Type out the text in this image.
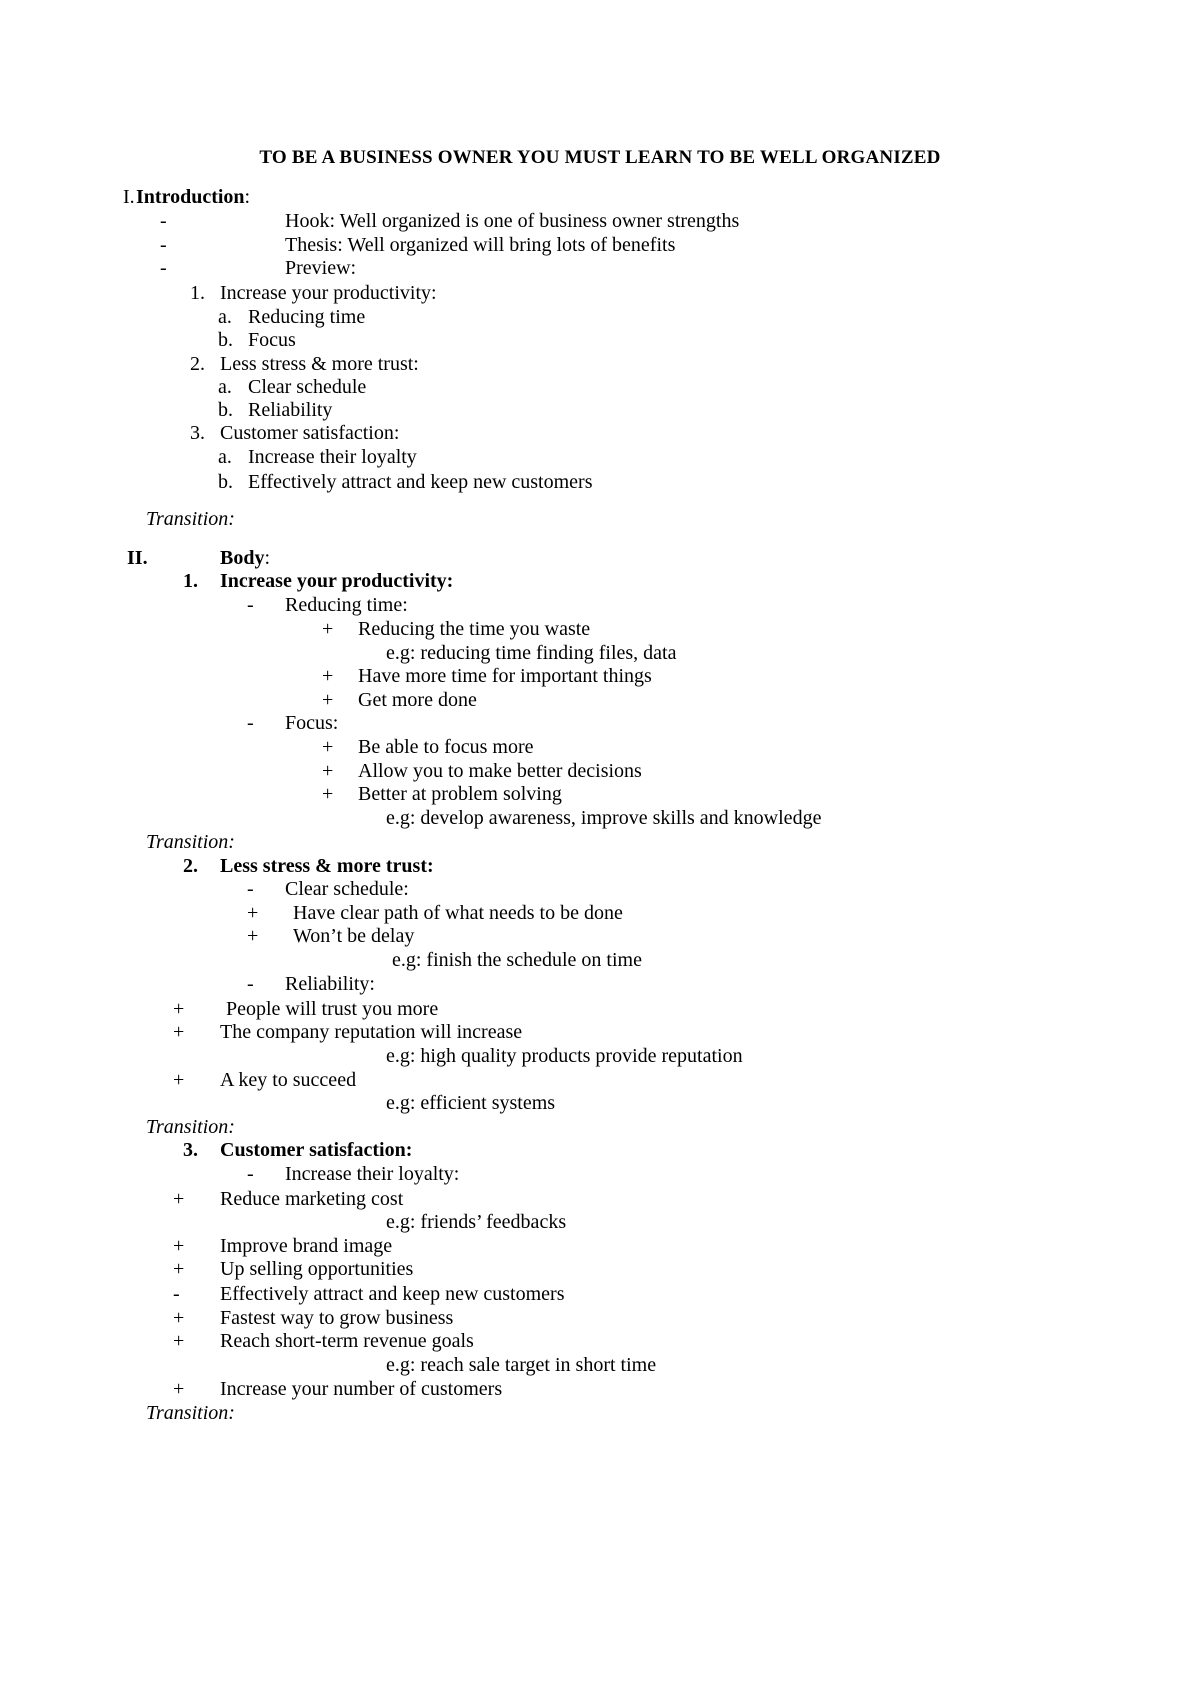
TO BE A BUSINESS OWNER YOU MUST LEARN TO BE WELL ORGANIZED
I. Introduction:
-	Hook: Well organized is one of business owner strengths
-	Thesis: Well organized will bring lots of benefits
-	Preview:
1. Increase your productivity:
a. Reducing time
b. Focus
2. Less stress & more trust:
a. Clear schedule
b. Reliability
3. Customer satisfaction:
a. Increase their loyalty
b. Effectively attract and keep new customers
Transition:
II.	Body:
1. Increase your productivity:
- Reducing time:
+ Reducing the time you waste
e.g: reducing time finding files, data
+ Have more time for important things
+ Get more done
- Focus:
+ Be able to focus more
+ Allow you to make better decisions
+ Better at problem solving
e.g: develop awareness, improve skills and knowledge
Transition:
2. Less stress & more trust:
- Clear schedule:
+ Have clear path of what needs to be done
+ Won’t be delay
e.g: finish the schedule on time
- Reliability:
+ People will trust you more
+ The company reputation will increase
e.g: high quality products provide reputation
+ A key to succeed
e.g: efficient systems
Transition:
3. Customer satisfaction:
- Increase their loyalty:
+ Reduce marketing cost
e.g: friends’ feedbacks
+ Improve brand image
+ Up selling opportunities
- Effectively attract and keep new customers
+ Fastest way to grow business
+ Reach short-term revenue goals
e.g: reach sale target in short time
+ Increase your number of customers
Transition:
